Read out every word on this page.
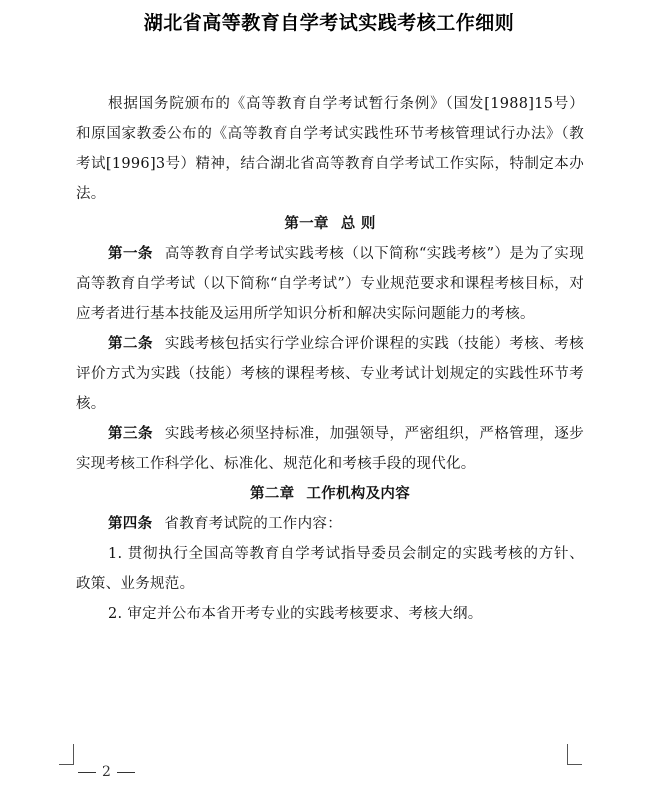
湖北省高等教育自学考试实践考核工作细则

根据国务院颁布的《高等教育自学考试暂行条例》（国发[1988]15号）和原国家教委公布的《高等教育自学考试实践性环节考核管理试行办法》（教考试[1996]3号）精神，结合湖北省高等教育自学考试工作实际，特制定本办法。

第一章 总 则

第一条 高等教育自学考试实践考核（以下简称“实践考核”）是为了实现高等教育自学考试（以下简称“自学考试”）专业规范要求和课程考核目标，对应考者进行基本技能及运用所学知识分析和解决实际问题能力的考核。

第二条 实践考核包括实行学业综合评价课程的实践（技能）考核、考核评价方式为实践（技能）考核的课程考核、专业考试计划规定的实践性环节考核。

第三条 实践考核必须坚持标准，加强领导，严密组织，严格管理，逐步实现考核工作科学化、标准化、规范化和考核手段的现代化。

第二章 工作机构及内容

第四条 省教育考试院的工作内容：

1. 贯彻执行全国高等教育自学考试指导委员会制定的实践考核的方针、政策、业务规范。

2. 审定并公布本省开考专业的实践考核要求、考核大纲。

2
